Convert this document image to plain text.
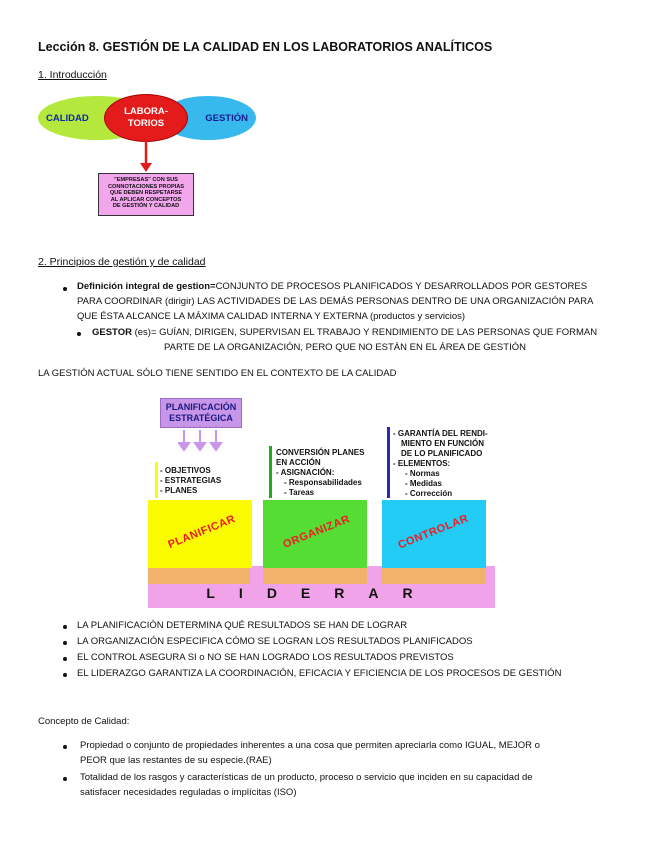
Lección 8. GESTIÓN DE LA CALIDAD EN LOS LABORATORIOS ANALÍTICOS
1. Introducción
CALIDAD	GESTIÓN
LABORA-
TORIOS
"EMPRESAS" CON SUS
CONNOTACIONES PROPIAS
QUE DEBEN RESPETARSE
AL APLICAR CONCEPTOS
DE GESTIÓN Y CALIDAD
2. Principios de gestión y de calidad
Definición integral de gestion=CONJUNTO DE PROCESOS PLANIFICADOS Y DESARROLLADOS POR GESTORES
PARA COORDINAR (dirigir) LAS ACTIVIDADES DE LAS DEMÁS PERSONAS DENTRO DE UNA ORGANIZACIÓN PARA
QUE ÉSTA ALCANCE LA MÁXIMA CALIDAD INTERNA Y EXTERNA (productos y servicios)
GESTOR (es)= GUÍAN, DIRIGEN, SUPERVISAN EL TRABAJO Y RENDIMIENTO DE LAS PERSONAS QUE FORMAN
PARTE DE LA ORGANIZACIÓN, PERO QUE NO ESTÁN EN EL ÁREA DE GESTIÓN
LA GESTIÓN ACTUAL SÓLO TIENE SENTIDO EN EL CONTEXTO DE LA CALIDAD
PLANIFICACIÓN
ESTRATÉGICA
- OBJETIVOS
- ESTRATEGIAS
- PLANES
CONVERSIÓN PLANES
EN ACCIÓN
- ASIGNACIÓN:
- Responsabilidades
- Tareas
- GARANTÍA DEL RENDI-
MIENTO EN FUNCIÓN
DE LO PLANIFICADO
- ELEMENTOS:
- Normas
- Medidas
- Corrección
PLANIFICAR	ORGANIZAR	CONTROLAR
LIDERAR
LA PLANIFICACIÓN DETERMINA QUÉ RESULTADOS SE HAN DE LOGRAR
LA ORGANIZACIÓN ESPECIFICA CÓMO SE LOGRAN LOS RESULTADOS PLANIFICADOS
EL CONTROL ASEGURA SI o NO SE HAN LOGRADO LOS RESULTADOS PREVISTOS
EL LIDERAZGO GARANTIZA LA COORDINACIÓN, EFICACIA Y EFICIENCIA DE LOS PROCESOS DE GESTIÓN
Concepto de Calidad:
Propiedad o conjunto de propiedades inherentes a una cosa que permiten apreciarla como IGUAL, MEJOR o
PEOR que las restantes de su especie.(RAE)
Totalidad de los rasgos y características de un producto, proceso o servicio que inciden en su capacidad de
satisfacer necesidades reguladas o implícitas (ISO)
